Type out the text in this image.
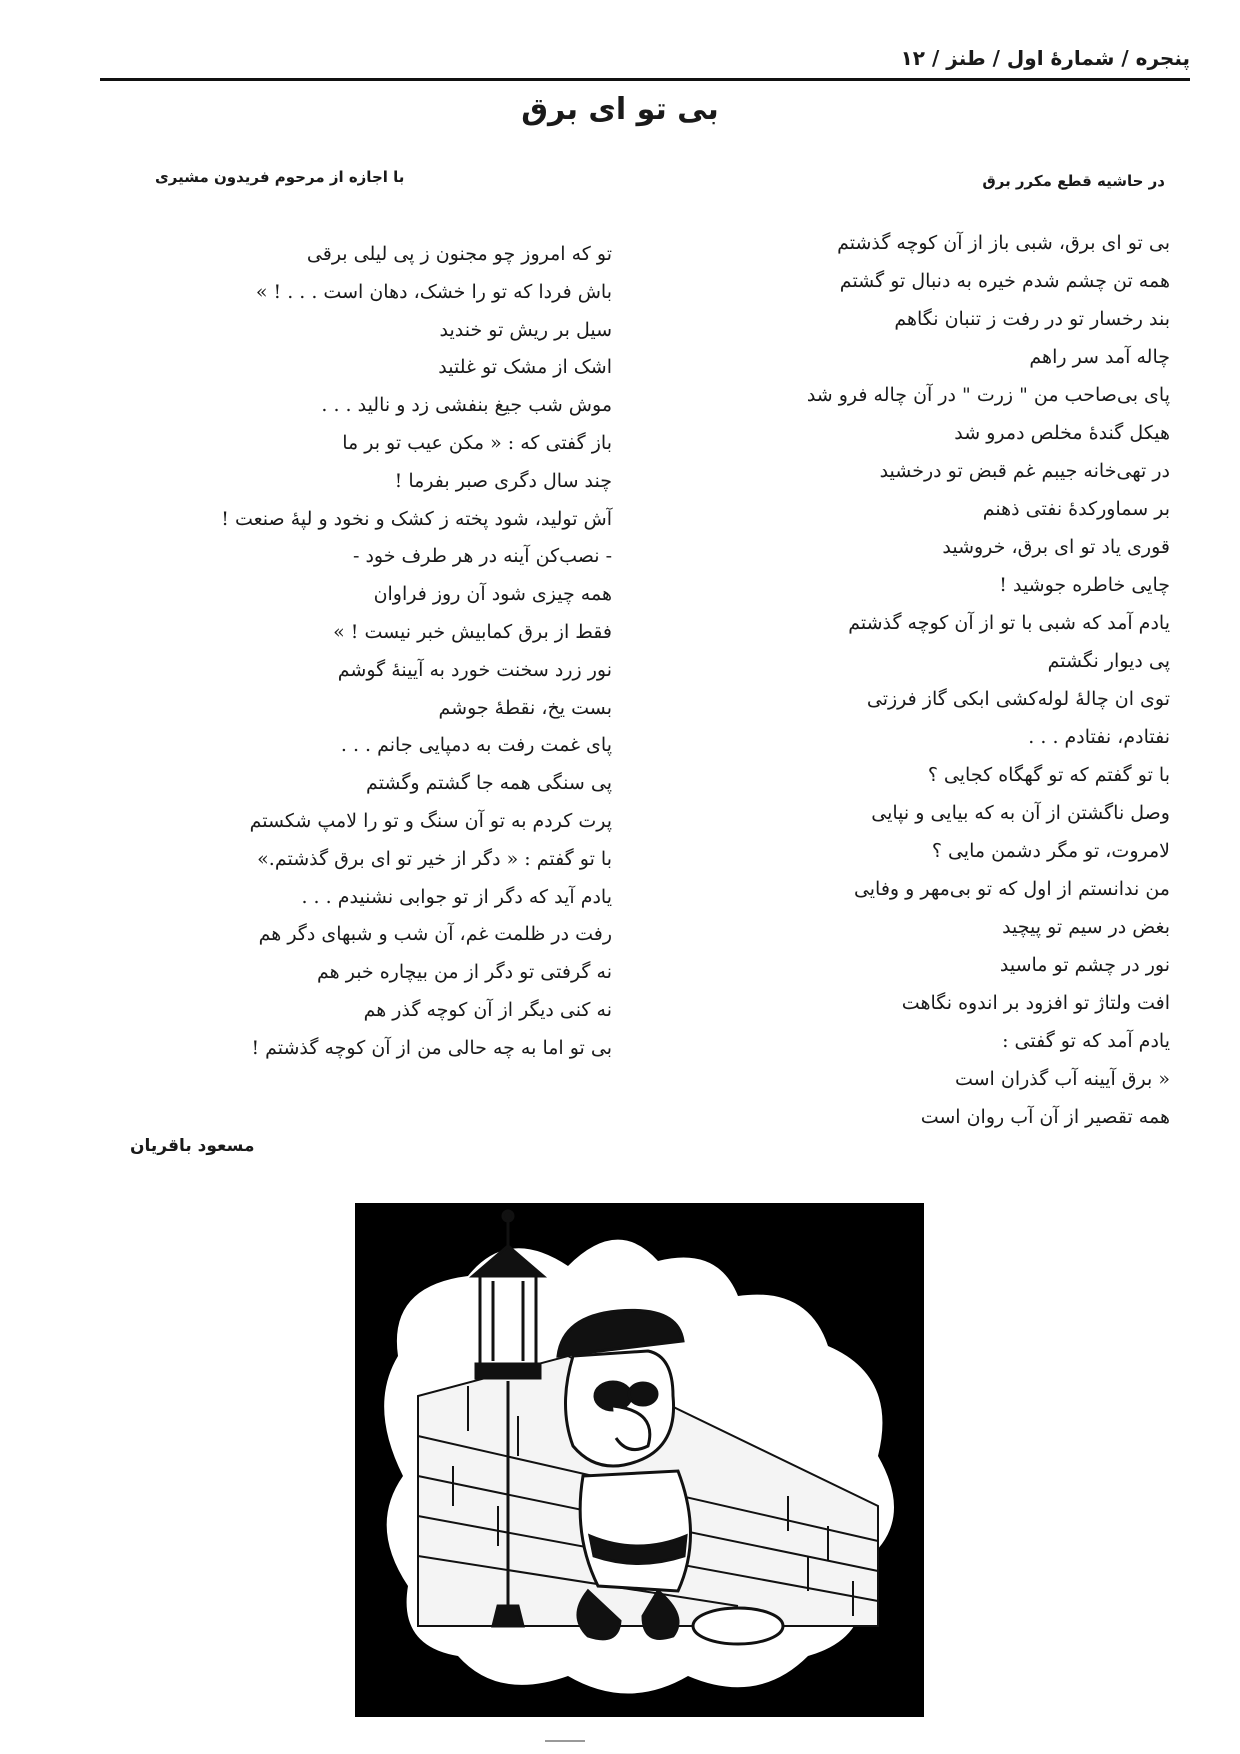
پنجره / شمارهٔ اول / طنز / ۱۲
بی تو ای برق
در حاشیه قطع مکرر برق
با اجازه از مرحوم فریدون مشیری
بی تو ای برق، شبی باز از آن کوچه گذشتم
همه تن چشم شدم خیره به دنبال تو گشتم
بند رخسار تو در رفت ز تنبان نگاهم
چاله آمد سر راهم
پای بی‌صاحب من " زرت " در آن چاله فرو شد
هیکل گندهٔ مخلص دمرو شد
در تهی‌خانه جیبم غم قبض تو درخشید
بر سماورکدهٔ نفتی ذهنم
قوری یاد تو ای برق، خروشید
چایی خاطره جوشید !
یادم آمد که شبی با تو از آن کوچه گذشتم
پی دیوار نگشتم
توی ان چالهٔ لوله‌کشی ابکی گاز فرزتی
نفتادم، نفتادم . . .
با تو گفتم که تو گهگاه کجایی ؟
وصل ناگشتن از آن به که بیایی و نپایی
لامروت، تو مگر دشمن مایی ؟
من ندانستم از اول که تو بی‌مهر و وفایی
بغض در سیم تو پیچید
نور در چشم تو ماسید
افت ولتاژ تو افزود بر اندوه نگاهت
یادم آمد که تو گفتی :
« برق آیینه آب گذران است
همه تقصیر از آن آب روان است
تو که امروز چو مجنون ز پی لیلی برقی
باش فردا که تو را خشک، دهان است . . . ! »
سیل بر ریش تو خندید
اشک از مشک تو غلتید
موش شب جیغ بنفشی زد و نالید . . .
باز گفتی که : « مکن عیب تو بر ما
چند سال دگری صبر بفرما !
آش تولید، شود پخته ز کشک و نخود و لپهٔ صنعت !
- نصب‌کن آینه در هر طرف خود -
همه چیزی شود آن روز فراوان
فقط از برق کمابیش خبر نیست ! »
نور زرد سخنت خورد به آیینهٔ گوشم
بست یخ، نقطهٔ جوشم
پای غمت رفت به دمپایی جانم . . .
پی سنگی همه جا گشتم وگشتم
پرت کردم به تو آن سنگ و تو را لامپ شکستم
با تو گفتم : « دگر از خیر تو ای برق گذشتم.»
یادم آید که دگر از تو جوابی نشنیدم . . .
رفت در ظلمت غم، آن شب و شبهای دگر هم
نه گرفتی تو دگر از من بیچاره خبر هم
نه کنی دیگر از آن کوچه گذر هم
بی تو اما به چه حالی من از آن کوچه گذشتم !
مسعود باقریان
